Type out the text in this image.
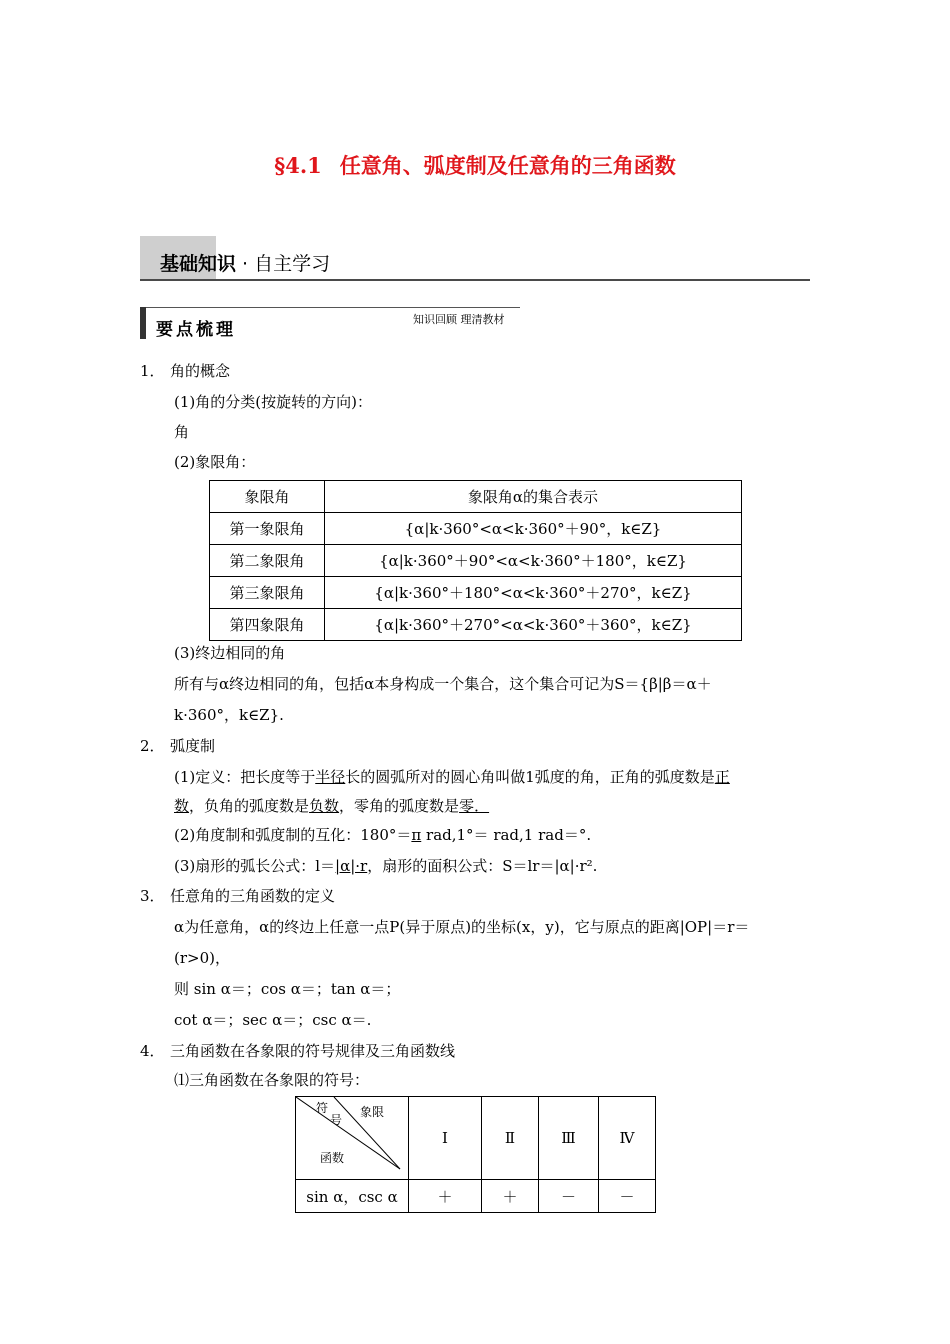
§4.1 任意角、弧度制及任意角的三角函数
基础知识 · 自主学习
要点梳理
知识回顾 理清教材
1． 角的概念
(1)角的分类(按旋转的方向)：
角
(2)象限角：
象限角	象限角α的集合表示
第一象限角	{α|k·360°<α<k·360°＋90°，k∈Z}
第二象限角	{α|k·360°＋90°<α<k·360°＋180°，k∈Z}
第三象限角	{α|k·360°＋180°<α<k·360°＋270°，k∈Z}
第四象限角	{α|k·360°＋270°<α<k·360°＋360°，k∈Z}
(3)终边相同的角
所有与α终边相同的角，包括α本身构成一个集合，这个集合可记为S＝{β|β＝α＋
k·360°，k∈Z}.
2． 弧度制
(1)定义：把长度等于半径长的圆弧所对的圆心角叫做1弧度的角，正角的弧度数是正
数，负角的弧度数是负数，零角的弧度数是零．
(2)角度制和弧度制的互化：180°＝π rad,1°＝ rad,1 rad＝°.
(3)扇形的弧长公式：l＝|α|·r，扇形的面积公式：S＝lr＝|α|·r².
3． 任意角的三角函数的定义
α为任意角，α的终边上任意一点P(异于原点)的坐标(x，y)，它与原点的距离|OP|＝r＝
(r>0)，
则 sin α＝；cos α＝；tan α＝；
cot α＝；sec α＝；csc α＝.
4． 三角函数在各象限的符号规律及三角函数线
⑴三角函数在各象限的符号：
符
号
象限
函数	Ⅰ	Ⅱ	Ⅲ	Ⅳ
sin α，csc α	＋	＋	－	－
